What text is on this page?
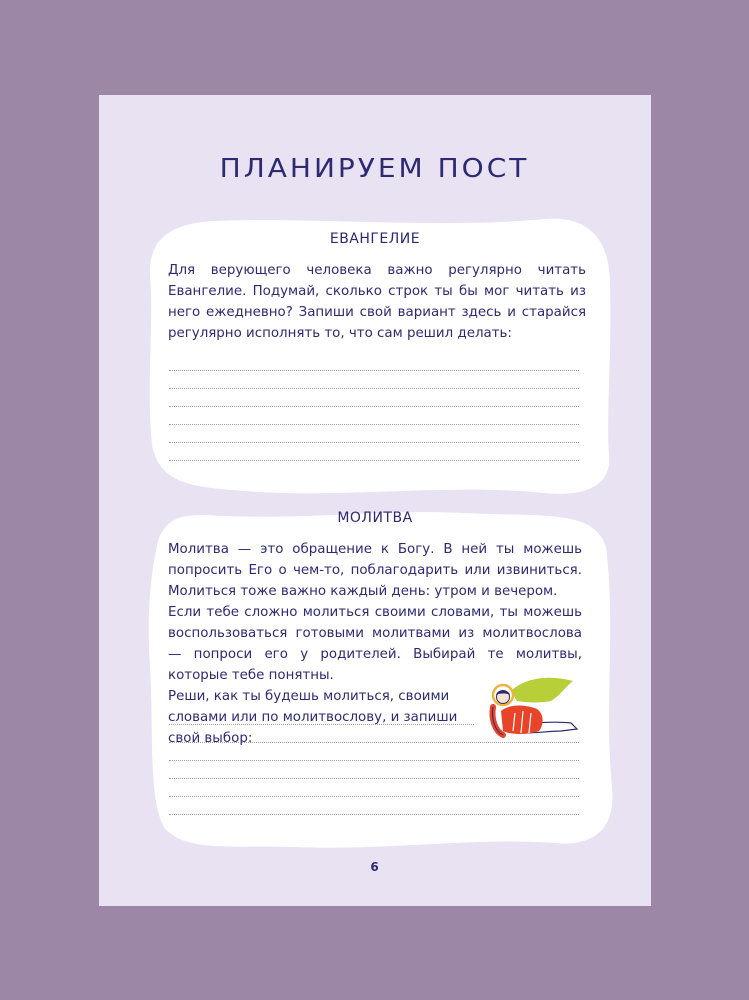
ЕВАНГЕЛИЕ

Для верующего человека важно регулярно читать Евангелие. Подумай, сколько строк ты бы мог читать из него ежедневно? Запиши свой вариант здесь и старайся регулярно исполнять то, что сам решил делать:

МОЛИТВА
Молитва — это обращение к Богу. В ней ты можешь попросить Его о чем-то, поблагодарить или извиниться. Молиться тоже важно каждый день: утром и вечером.
Если тебе сложно молиться своими словами, ты можешь воспользоваться готовыми молитвами из молитвослова — попроси его у родителей. Выбирай те молитвы, которые тебе понятны.
Реши, как ты будешь молиться, своими словами или по молитвослову, и запиши свой выбор:
ПЛАНИРУЕМ ПОСТ
6
